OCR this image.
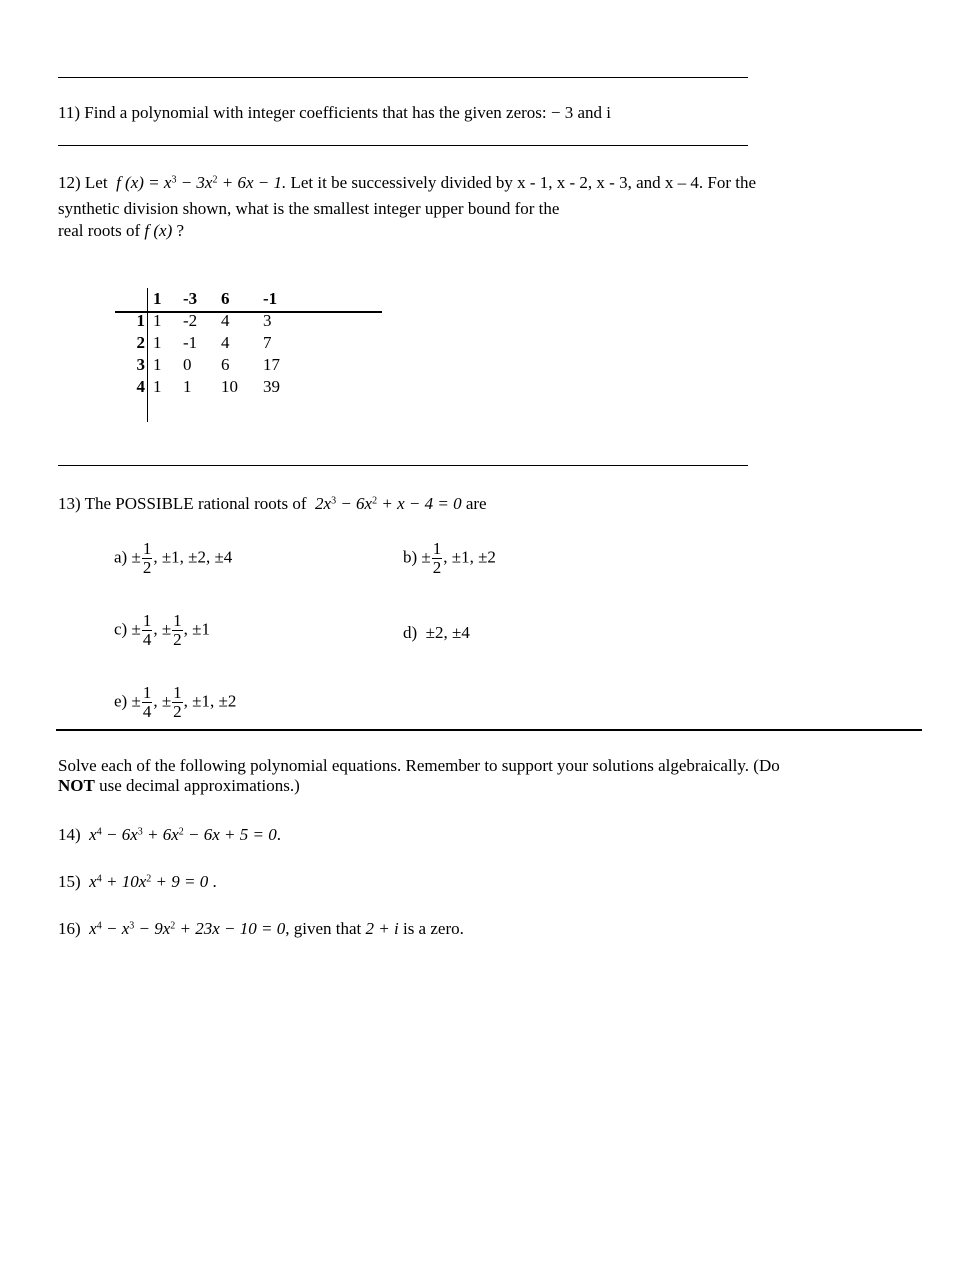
11) Find a polynomial with integer coefficients that has the given zeros: − 3 and i
12) Let f $(x) = x^3 - 3x^2 + 6x - 1$. Let it be successively divided by x - 1, x - 2, x - 3, and x – 4. For the
synthetic division shown, what is the smallest integer upper bound for the
real roots of f (x) ?
	1	-3	6	-1
1	1	-2	4	3
2	1	-1	4	7
3	1	0	6	17
4	1	1	10	39
13) The POSSIBLE rational roots of $2x^3 - 6x^2 + x - 4 = 0$ are
$a) \pm \frac{1}{2}$ , ±1, ±2, ±4	$b) \pm \frac{1}{2}$ , ±1, ±2
$c) \pm \frac{1}{4}$ , ± $\frac{1}{2}$ , ±1	d) ±2, ±4
$e) \pm \frac{1}{4}$ , ± $\frac{1}{2}$ , ±1, ±2
Solve each of the following polynomial equations. Remember to support your solutions algebraically. (Do
NOT use decimal approximations.)
14) $x^4 - 6x^3 + 6x^2 - 6x + 5 = 0$.
15) $x^4 + 10x^2 + 9 = 0$ .
16) $x^4 - x^3 - 9x^2 + 23x - 10 = 0$, given that 2 + i is a zero.
